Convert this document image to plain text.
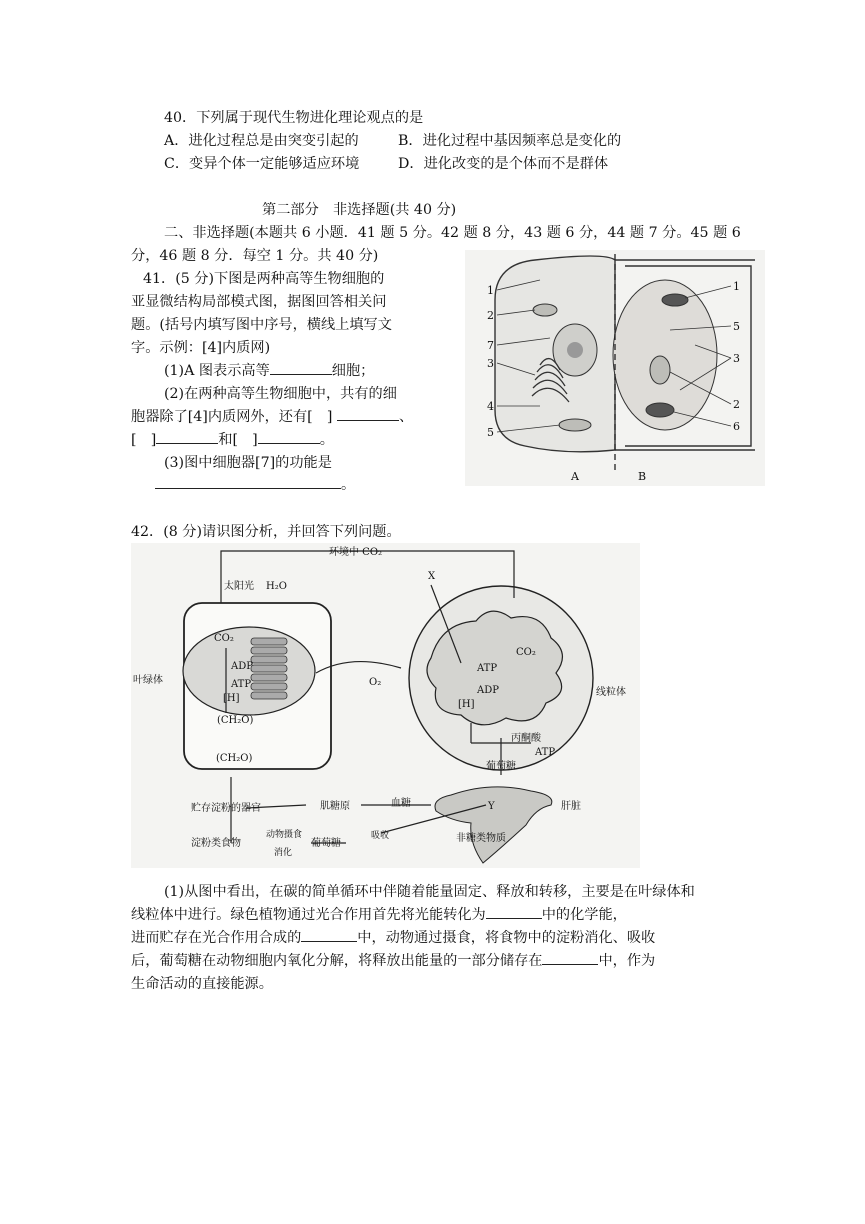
40．下列属于现代生物进化理论观点的是
A．进化过程总是由突变引起的	B．进化过程中基因频率总是变化的
C．变异个体一定能够适应环境	D．进化改变的是个体而不是群体
第二部分　非选择题(共 40 分)
二、非选择题(本题共 6 小题．41 题 5 分。42 题 8 分，43 题 6 分，44 题 7 分。45 题 6
分，46 题 8 分．每空 1 分。共 40 分)
41．(5 分)下图是两种高等生物细胞的
亚显微结构局部模式图，据图回答相关问
题。(括号内填写图中序号，横线上填写文
字。示例：[4]内质网)
(1)A 图表示高等	细胞；
(2)在两种高等生物细胞中，共有的细
胞器除了[4]内质网外，还有[　]	、
[　]	和[　]	。
(3)图中细胞器[7]的功能是
。
1
2
7
3
4
5
1
5
3
2
6
A	B
42．(8 分)请识图分析，并回答下列问题。
环境中 CO₂
太阳光 H₂O
CO₂
ADP
ATP
[H]
(CH₂O)
(CH₂O)
叶绿体	O₂
X
CO₂
ATP
ADP
[H]
线粒体
丙酮酸
ATP
葡萄糖
贮存淀粉的器官	肌糖原	血糖	Y	肝脏
非糖类物质
淀粉类食物
动物摄食
消化
葡萄糖
吸收
(1)从图中看出，在碳的简单循环中伴随着能量固定、释放和转移，主要是在叶绿体和
线粒体中进行。绿色植物通过光合作用首先将光能转化为	中的化学能，
进而贮存在光合作用合成的	中，动物通过摄食，将食物中的淀粉消化、吸收
后，葡萄糖在动物细胞内氧化分解，将释放出能量的一部分储存在	中，作为
生命活动的直接能源。
